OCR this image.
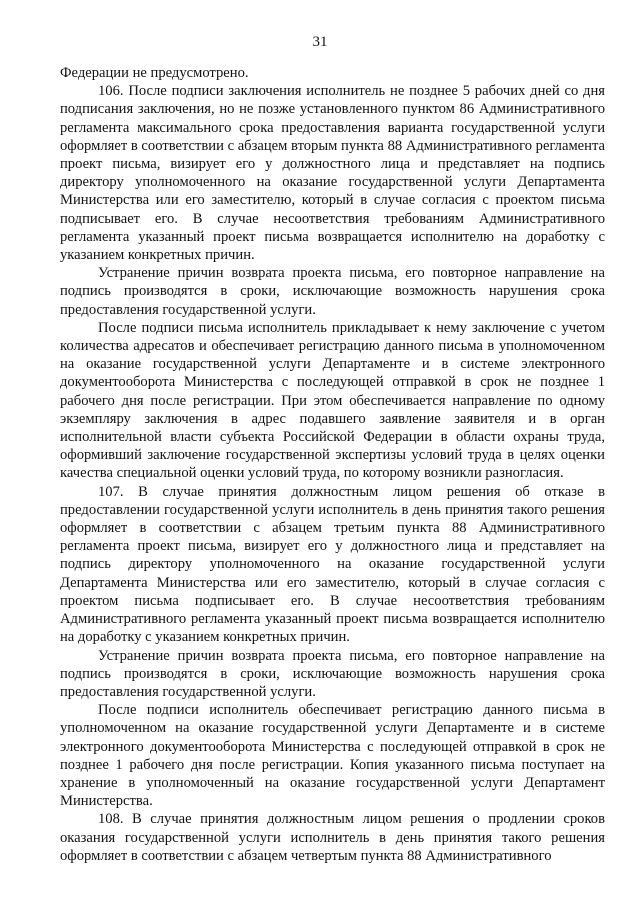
31

Федерации не предусмотрено.

106. После подписи заключения исполнитель не позднее 5 рабочих дней со дня подписания заключения, но не позже установленного пунктом 86 Административного регламента максимального срока предоставления варианта государственной услуги оформляет в соответствии с абзацем вторым пункта 88 Административного регламента проект письма, визирует его у должностного лица и представляет на подпись директору уполномоченного на оказание государственной услуги Департамента Министерства или его заместителю, который в случае согласия с проектом письма подписывает его. В случае несоответствия требованиям Административного регламента указанный проект письма возвращается исполнителю на доработку с указанием конкретных причин.

Устранение причин возврата проекта письма, его повторное направление на подпись производятся в сроки, исключающие возможность нарушения срока предоставления государственной услуги.

После подписи письма исполнитель прикладывает к нему заключение с учетом количества адресатов и обеспечивает регистрацию данного письма в уполномоченном на оказание государственной услуги Департаменте и в системе электронного документооборота Министерства с последующей отправкой в срок не позднее 1 рабочего дня после регистрации. При этом обеспечивается направление по одному экземпляру заключения в адрес подавшего заявление заявителя и в орган исполнительной власти субъекта Российской Федерации в области охраны труда, оформивший заключение государственной экспертизы условий труда в целях оценки качества специальной оценки условий труда, по которому возникли разногласия.

107. В случае принятия должностным лицом решения об отказе в предоставлении государственной услуги исполнитель в день принятия такого решения оформляет в соответствии с абзацем третьим пункта 88 Административного регламента проект письма, визирует его у должностного лица и представляет на подпись директору уполномоченного на оказание государственной услуги Департамента Министерства или его заместителю, который в случае согласия с проектом письма подписывает его. В случае несоответствия требованиям Административного регламента указанный проект письма возвращается исполнителю на доработку с указанием конкретных причин.

Устранение причин возврата проекта письма, его повторное направление на подпись производятся в сроки, исключающие возможность нарушения срока предоставления государственной услуги.

После подписи исполнитель обеспечивает регистрацию данного письма в уполномоченном на оказание государственной услуги Департаменте и в системе электронного документооборота Министерства с последующей отправкой в срок не позднее 1 рабочего дня после регистрации. Копия указанного письма поступает на хранение в уполномоченный на оказание государственной услуги Департамент Министерства.

108. В случае принятия должностным лицом решения о продлении сроков оказания государственной услуги исполнитель в день принятия такого решения оформляет в соответствии с абзацем четвертым пункта 88 Административного
